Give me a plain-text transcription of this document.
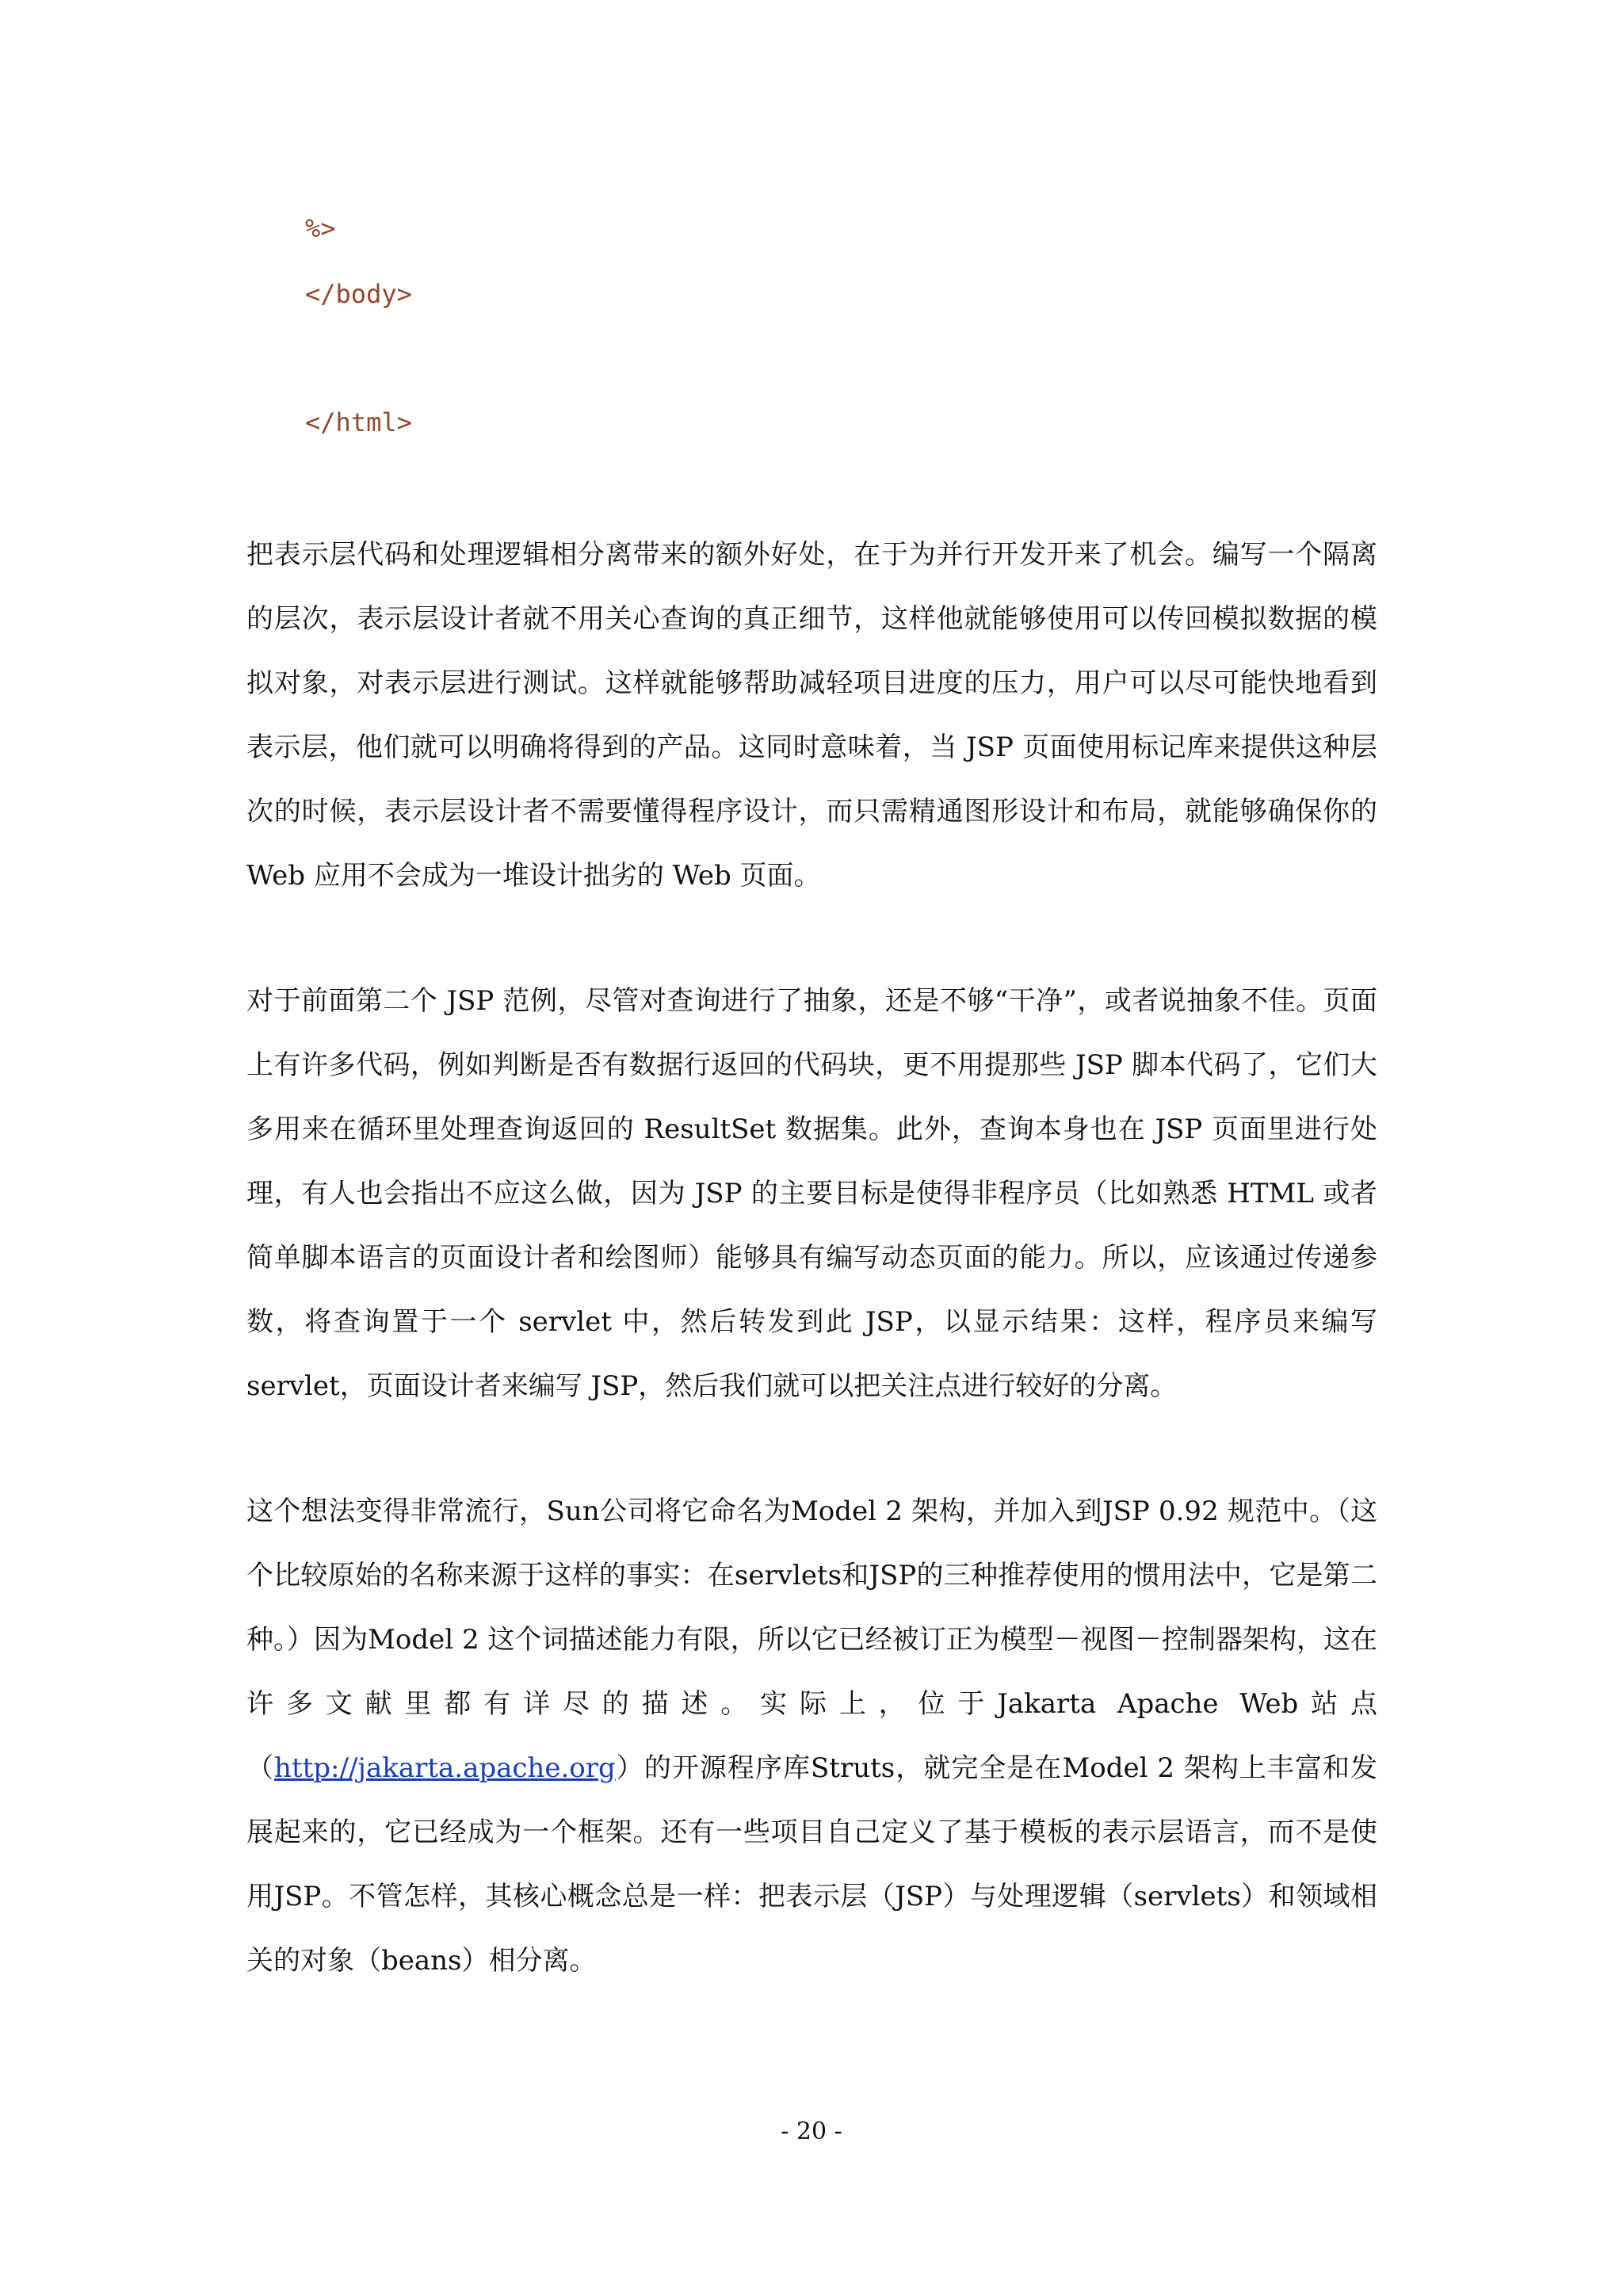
%>
</body>
</html>

把表示层代码和处理逻辑相分离带来的额外好处，在于为并行开发开来了机会。编写一个隔离的层次，表示层设计者就不用关心查询的真正细节，这样他就能够使用可以传回模拟数据的模拟对象，对表示层进行测试。这样就能够帮助减轻项目进度的压力，用户可以尽可能快地看到表示层，他们就可以明确将得到的产品。这同时意味着，当 JSP 页面使用标记库来提供这种层次的时候，表示层设计者不需要懂得程序设计，而只需精通图形设计和布局，就能够确保你的 Web 应用不会成为一堆设计拙劣的 Web 页面。

对于前面第二个 JSP 范例，尽管对查询进行了抽象，还是不够“干净”，或者说抽象不佳。页面上有许多代码，例如判断是否有数据行返回的代码块，更不用提那些 JSP 脚本代码了，它们大多用来在循环里处理查询返回的 ResultSet 数据集。此外，查询本身也在 JSP 页面里进行处理，有人也会指出不应这么做，因为 JSP 的主要目标是使得非程序员（比如熟悉 HTML 或者简单脚本语言的页面设计者和绘图师）能够具有编写动态页面的能力。所以，应该通过传递参数，将查询置于一个 servlet 中，然后转发到此 JSP，以显示结果：这样，程序员来编写 servlet，页面设计者来编写 JSP，然后我们就可以把关注点进行较好的分离。

这个想法变得非常流行，Sun公司将它命名为Model 2 架构，并加入到JSP 0.92 规范中。（这个比较原始的名称来源于这样的事实：在servlets和JSP的三种推荐使用的惯用法中，它是第二种。）因为Model 2 这个词描述能力有限，所以它已经被订正为模型－视图－控制器架构，这在许多文献里都有详尽的描述。实际上，位于Jakarta Apache Web站点（http://jakarta.apache.org）的开源程序库Struts，就完全是在Model 2 架构上丰富和发展起来的，它已经成为一个框架。还有一些项目自己定义了基于模板的表示层语言，而不是使用JSP。不管怎样，其核心概念总是一样：把表示层（JSP）与处理逻辑（servlets）和领域相关的对象（beans）相分离。

- 20 -
